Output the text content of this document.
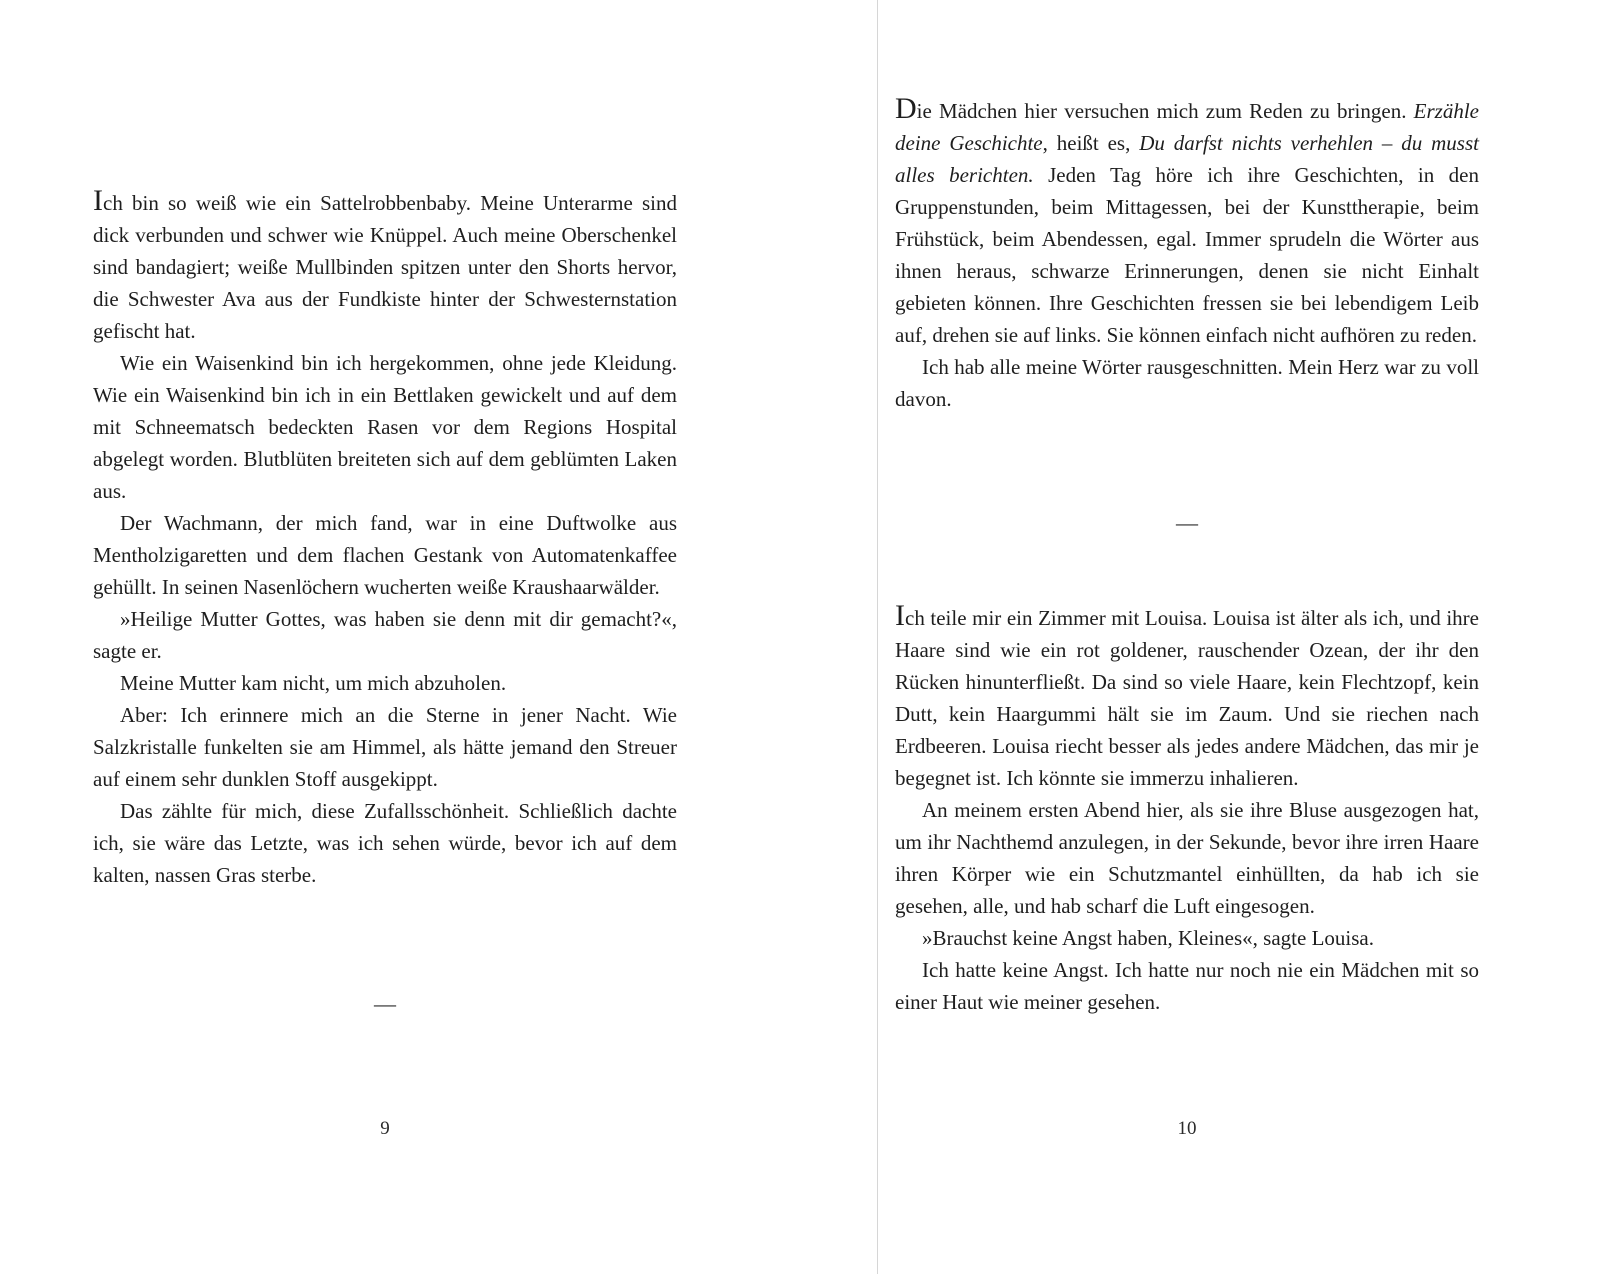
Ich bin so weiß wie ein Sattelrobbenbaby. Meine Unterarme sind dick verbunden und schwer wie Knüppel. Auch meine Oberschenkel sind bandagiert; weiße Mullbinden spitzen unter den Shorts hervor, die Schwester Ava aus der Fundkiste hinter der Schwesternstation gefischt hat.

Wie ein Waisenkind bin ich hergekommen, ohne jede Kleidung. Wie ein Waisenkind bin ich in ein Bettlaken gewickelt und auf dem mit Schneematsch bedeckten Rasen vor dem Regions Hospital abgelegt worden. Blutblüten breiteten sich auf dem geblümten Laken aus.

Der Wachmann, der mich fand, war in eine Duftwolke aus Mentholzigaretten und dem flachen Gestank von Automatenkaffee gehüllt. In seinen Nasenlöchern wucherten weiße Kraushaarwälder.

»Heilige Mutter Gottes, was haben sie denn mit dir gemacht?«, sagte er.

Meine Mutter kam nicht, um mich abzuholen.

Aber: Ich erinnere mich an die Sterne in jener Nacht. Wie Salzkristalle funkelten sie am Himmel, als hätte jemand den Streuer auf einem sehr dunklen Stoff ausgekippt.

Das zählte für mich, diese Zufallsschönheit. Schließlich dachte ich, sie wäre das Letzte, was ich sehen würde, bevor ich auf dem kalten, nassen Gras sterbe.

—
9

Die Mädchen hier versuchen mich zum Reden zu bringen. Erzähle deine Geschichte, heißt es, Du darfst nichts verhehlen – du musst alles berichten. Jeden Tag höre ich ihre Geschichten, in den Gruppenstunden, beim Mittagessen, bei der Kunsttherapie, beim Frühstück, beim Abendessen, egal. Immer sprudeln die Wörter aus ihnen heraus, schwarze Erinnerungen, denen sie nicht Einhalt gebieten können. Ihre Geschichten fressen sie bei lebendigem Leib auf, drehen sie auf links. Sie können einfach nicht aufhören zu reden.

Ich hab alle meine Wörter rausgeschnitten. Mein Herz war zu voll davon.

—

Ich teile mir ein Zimmer mit Louisa. Louisa ist älter als ich, und ihre Haare sind wie ein rot goldener, rauschender Ozean, der ihr den Rücken hinunterfließt. Da sind so viele Haare, kein Flechtzopf, kein Dutt, kein Haargummi hält sie im Zaum. Und sie riechen nach Erdbeeren. Louisa riecht besser als jedes andere Mädchen, das mir je begegnet ist. Ich könnte sie immerzu inhalieren.

An meinem ersten Abend hier, als sie ihre Bluse ausgezogen hat, um ihr Nachthemd anzulegen, in der Sekunde, bevor ihre irren Haare ihren Körper wie ein Schutzmantel einhüllten, da hab ich sie gesehen, alle, und hab scharf die Luft eingesogen.

»Brauchst keine Angst haben, Kleines«, sagte Louisa.

Ich hatte keine Angst. Ich hatte nur noch nie ein Mädchen mit so einer Haut wie meiner gesehen.

10
